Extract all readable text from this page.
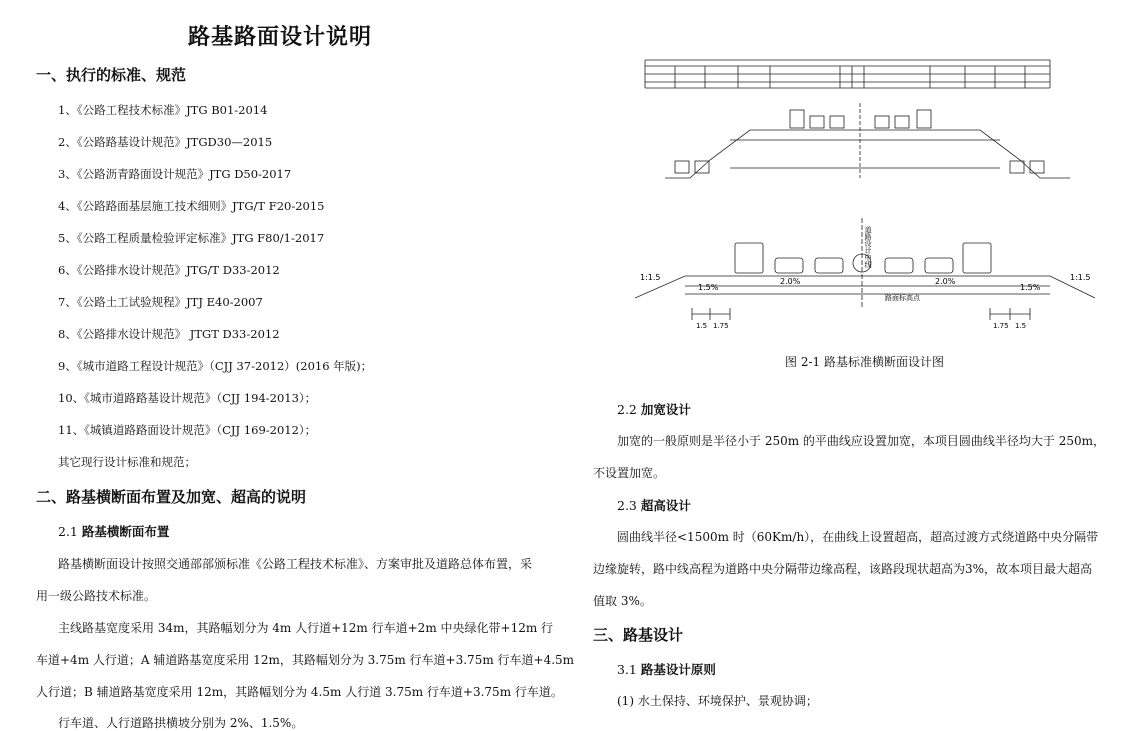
路基路面设计说明
一、执行的标准、规范
1、《公路工程技术标准》JTG B01-2014
2、《公路路基设计规范》JTGD30—2015
3、《公路沥青路面设计规范》JTG D50-2017
4、《公路路面基层施工技术细则》JTG/T F20-2015
5、《公路工程质量检验评定标准》JTG F80/1-2017
6、《公路排水设计规范》JTG/T D33-2012
7、《公路土工试验规程》JTJ E40-2007
8、《公路排水设计规范》 JTGT D33-2012
9、《城市道路工程设计规范》（CJJ 37-2012）(2016 年版)；
10、《城市道路路基设计规范》（CJJ 194-2013）；
11、《城镇道路路面设计规范》（CJJ 169-2012）；
其它现行设计标准和规范；
二、路基横断面布置及加宽、超高的说明
2.1 路基横断面布置
路基横断面设计按照交通部部颁标准《公路工程技术标准》、方案审批及道路总体布置，采
用一级公路技术标准。
主线路基宽度采用 34m，其路幅划分为 4m 人行道+12m 行车道+2m 中央绿化带+12m 行
车道+4m 人行道；A 辅道路基宽度采用 12m，其路幅划分为 3.75m 行车道+3.75m 行车道+4.5m
人行道；B 辅道路基宽度采用 12m，其路幅划分为 4.5m 人行道 3.75m 行车道+3.75m 行车道。
行车道、人行道路拱横坡分别为 2%、1.5%。
1:1.5	1:1.5
1.5%	1.5%
2.0%	2.0%
道路设计中线
路面标高点
1.5 1.75	1.75 1.5
图 2-1 路基标准横断面设计图
2.2 加宽设计
加宽的一般原则是半径小于 250m 的平曲线应设置加宽，本项目圆曲线半径均大于 250m，
不设置加宽。
2.3 超高设计
圆曲线半径<1500m 时（60Km/h），在曲线上设置超高，超高过渡方式绕道路中央分隔带
边缘旋转，路中线高程为道路中央分隔带边缘高程，该路段现状超高为3%，故本项目最大超高
值取 3%。
三、路基设计
3.1 路基设计原则
(1) 水土保持、环境保护、景观协调；
